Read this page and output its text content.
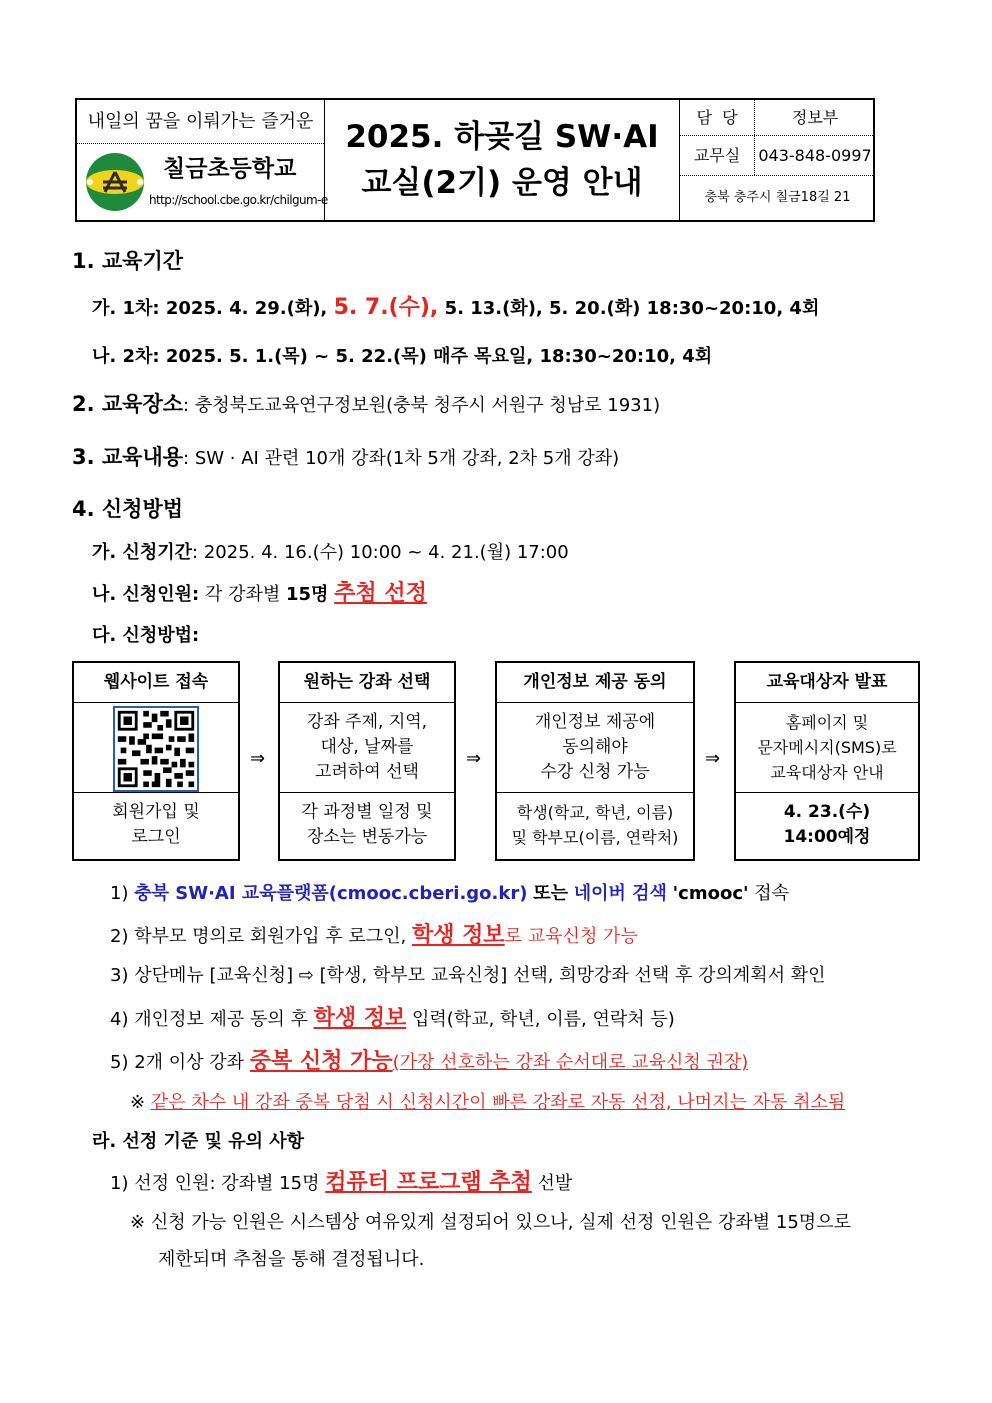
내일의 꿈을 이뤄가는 즐거운
칠금초등학교
http://school.cbe.go.kr/chilgum-e
2025. 하곶길 SW·AI
교실(2기) 운영 안내
담  당	정보부
교무실	043-848-0997
충북 충주시 칠금18길 21
1. 교육기간
가. 1차: 2025. 4. 29.(화), 5. 7.(수), 5. 13.(화), 5. 20.(화) 18:30~20:10, 4회
나. 2차: 2025. 5. 1.(목) ~ 5. 22.(목) 매주 목요일, 18:30~20:10, 4회
2. 교육장소: 충청북도교육연구정보원(충북 청주시 서원구 청남로 1931)
3. 교육내용: SW · AI 관련 10개 강좌(1차 5개 강좌, 2차 5개 강좌)
4. 신청방법
가. 신청기간: 2025. 4. 16.(수) 10:00 ~ 4. 21.(월) 17:00
나. 신청인원: 각 강좌별 15명 추첨 선정
다. 신청방법:
웹사이트 접속
회원가입 및
로그인
⇒
원하는 강좌 선택
강좌 주제, 지역,
대상, 날짜를
고려하여 선택
각 과정별 일정 및
장소는 변동가능
⇒
개인정보 제공 동의
개인정보 제공에
동의해야
수강 신청 가능
학생(학교, 학년, 이름)
및 학부모(이름, 연락처)
⇒
교육대상자 발표
홈페이지 및
문자메시지(SMS)로
교육대상자 안내
4. 23.(수)
14:00예정
1) 충북 SW·AI 교육플랫폼(cmooc.cberi.go.kr) 또는 네이버 검색 'cmooc' 접속
2) 학부모 명의로 회원가입 후 로그인, 학생 정보로 교육신청 가능
3) 상단메뉴 [교육신청] ⇨ [학생, 학부모 교육신청] 선택, 희망강좌 선택 후 강의계획서 확인
4) 개인정보 제공 동의 후 학생 정보 입력(학교, 학년, 이름, 연락처 등)
5) 2개 이상 강좌 중복 신청 가능(가장 선호하는 강좌 순서대로 교육신청 권장)
※ 같은 차수 내 강좌 중복 당첨 시 신청시간이 빠른 강좌로 자동 선정, 나머지는 자동 취소됨
라. 선정 기준 및 유의 사항
1) 선정 인원: 강좌별 15명 컴퓨터 프로그램 추첨 선발
※ 신청 가능 인원은 시스템상 여유있게 설정되어 있으나, 실제 선정 인원은 강좌별 15명으로
제한되며 추첨을 통해 결정됩니다.
